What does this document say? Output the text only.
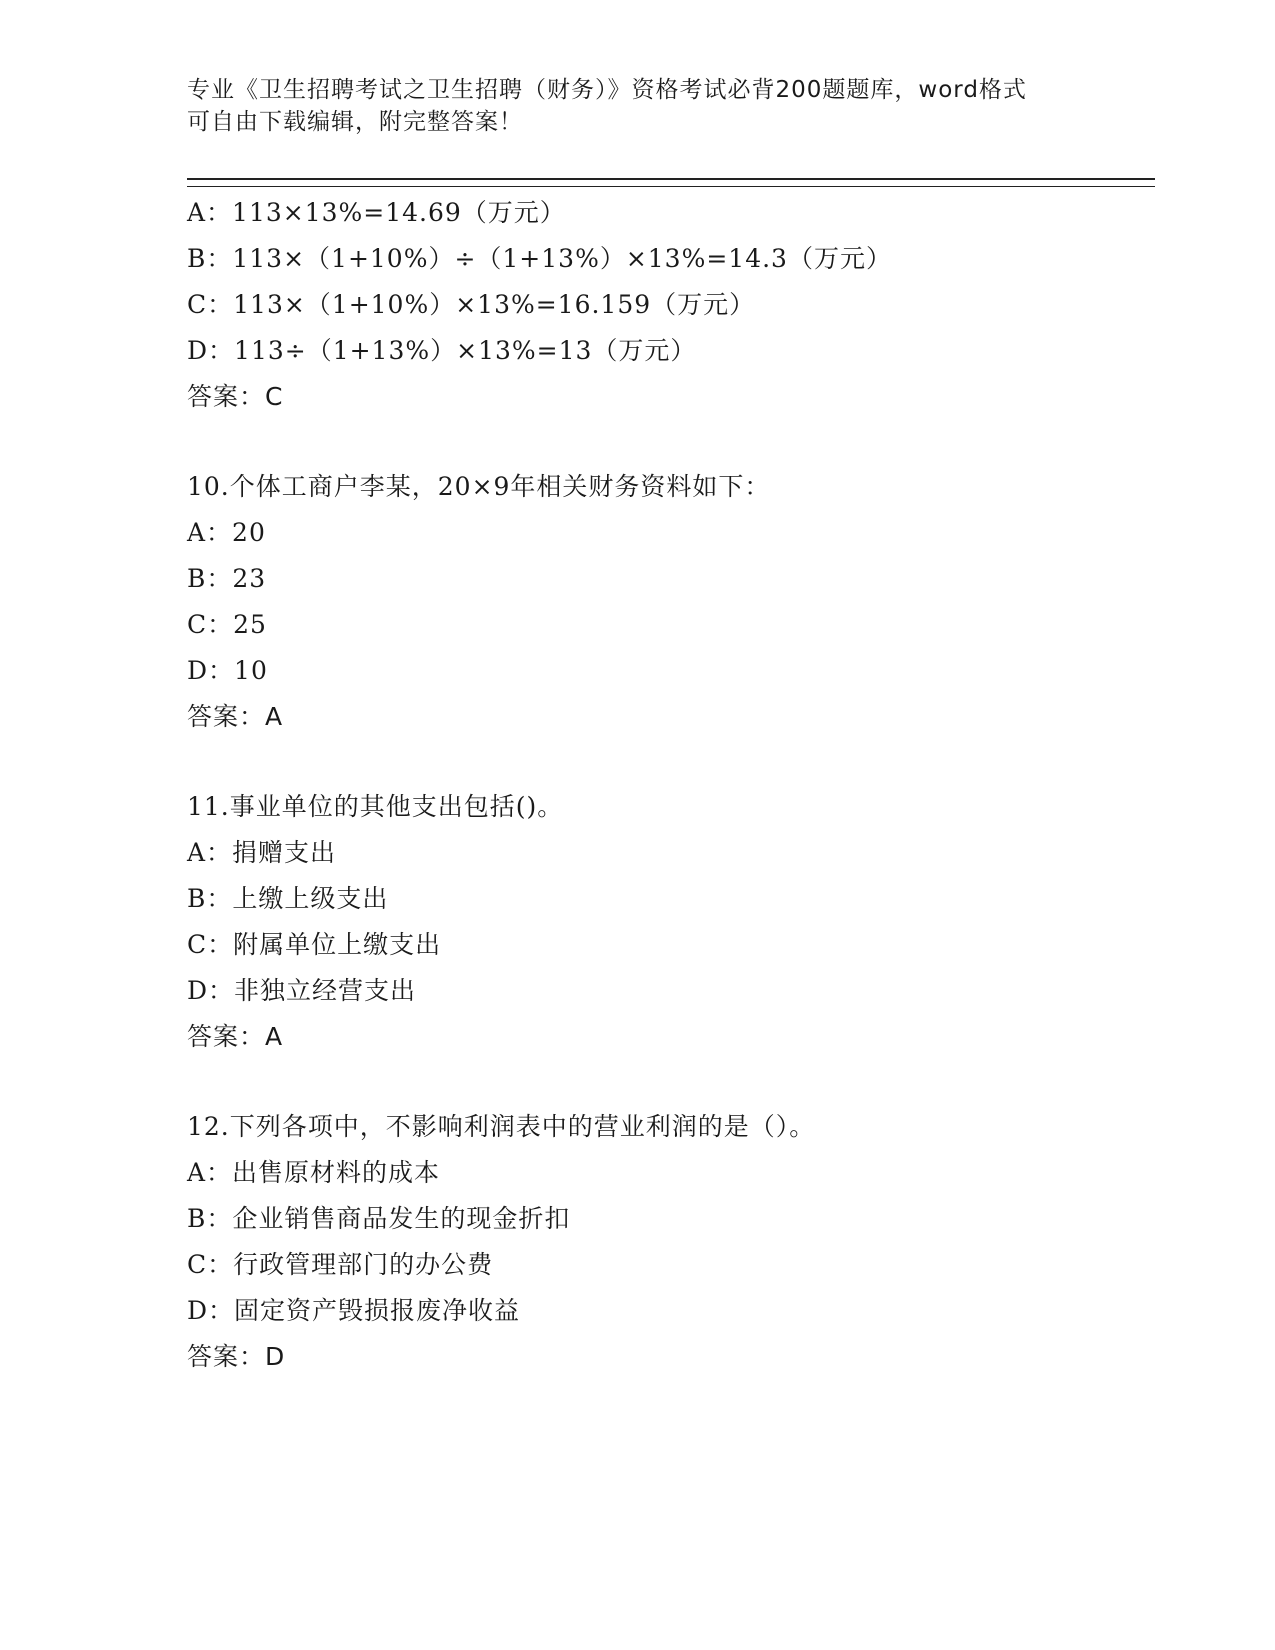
专业《卫生招聘考试之卫生招聘（财务）》资格考试必背200题题库，word格式
可自由下载编辑，附完整答案！
A：113×13%=14.69（万元）
B：113×（1+10%）÷（1+13%）×13%=14.3（万元）
C：113×（1+10%）×13%=16.159（万元）
D：113÷（1+13%）×13%=13（万元）
答案：C
10.个体工商户李某，20×9年相关财务资料如下：
A：20
B：23
C：25
D：10
答案：A
11.事业单位的其他支出包括()。
A：捐赠支出
B：上缴上级支出
C：附属单位上缴支出
D：非独立经营支出
答案：A
12.下列各项中，不影响利润表中的营业利润的是（）。
A：出售原材料的成本
B：企业销售商品发生的现金折扣
C：行政管理部门的办公费
D：固定资产毁损报废净收益
答案：D
